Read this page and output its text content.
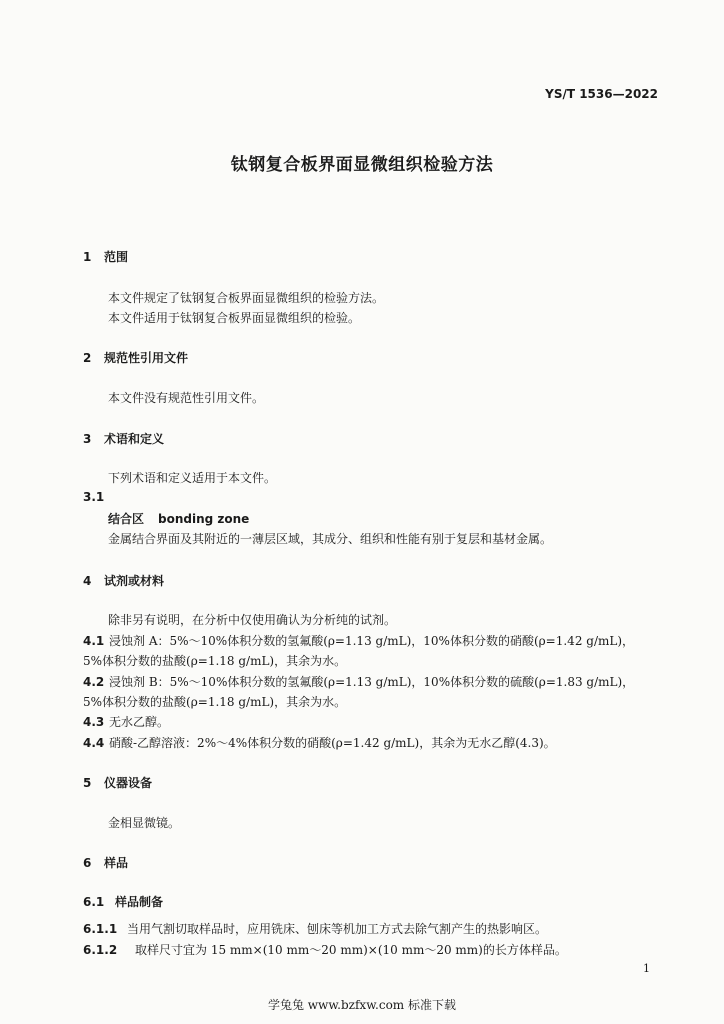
YS/T 1536—2022
钛钢复合板界面显微组织检验方法
1 范围
本文件规定了钛钢复合板界面显微组织的检验方法。
本文件适用于钛钢复合板界面显微组织的检验。
2 规范性引用文件
本文件没有规范性引用文件。
3 术语和定义
下列术语和定义适用于本文件。
3.1
结合区 bonding zone
金属结合界面及其附近的一薄层区域，其成分、组织和性能有别于复层和基材金属。
4 试剂或材料
除非另有说明，在分析中仅使用确认为分析纯的试剂。
4.1 浸蚀剂 A：5%～10%体积分数的氢氟酸(ρ=1.13 g/mL)，10%体积分数的硝酸(ρ=1.42 g/mL)，
5%体积分数的盐酸(ρ=1.18 g/mL)，其余为水。
4.2 浸蚀剂 B：5%～10%体积分数的氢氟酸(ρ=1.13 g/mL)，10%体积分数的硫酸(ρ=1.83 g/mL)，
5%体积分数的盐酸(ρ=1.18 g/mL)，其余为水。
4.3 无水乙醇。
4.4 硝酸-乙醇溶液：2%～4%体积分数的硝酸(ρ=1.42 g/mL)，其余为无水乙醇(4.3)。
5 仪器设备
金相显微镜。
6 样品
6.1 样品制备
6.1.1 当用气割切取样品时，应用铣床、刨床等机加工方式去除气割产生的热影响区。
6.1.2 取样尺寸宜为 15 mm×(10 mm～20 mm)×(10 mm～20 mm)的长方体样品。
1
学兔兔 www.bzfxw.com 标准下载
